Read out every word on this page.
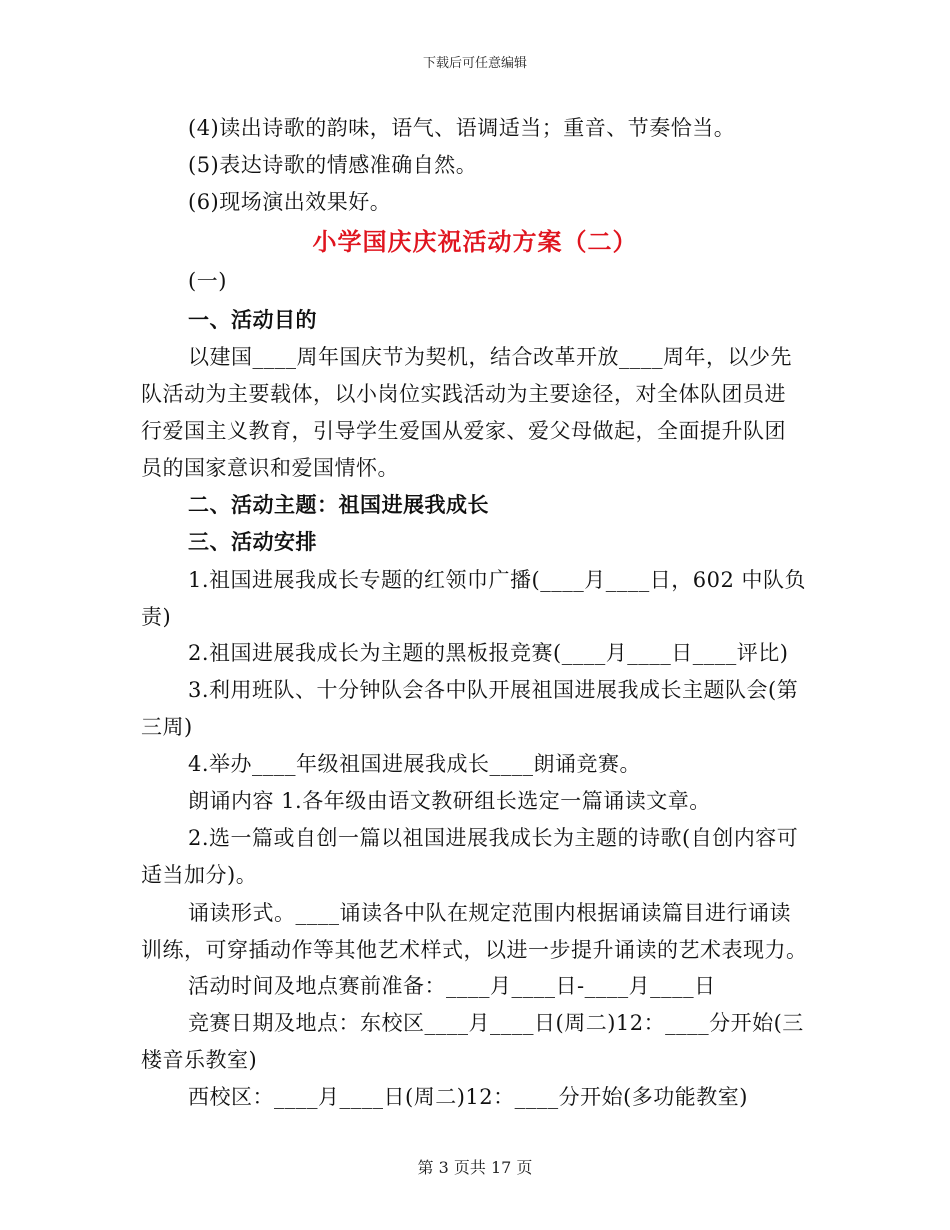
下载后可任意编辑
(4)读出诗歌的韵味，语气、语调适当；重音、节奏恰当。
(5)表达诗歌的情感准确自然。
(6)现场演出效果好。
小学国庆庆祝活动方案（二）
(一)
一、活动目的
以建国____周年国庆节为契机，结合改革开放____周年，以少先
队活动为主要载体，以小岗位实践活动为主要途径，对全体队团员进
行爱国主义教育，引导学生爱国从爱家、爱父母做起，全面提升队团
员的国家意识和爱国情怀。
二、活动主题：祖国进展我成长
三、活动安排
1.祖国进展我成长专题的红领巾广播(____月____日，602 中队负
责)
2.祖国进展我成长为主题的黑板报竞赛(____月____日____评比)
3.利用班队、十分钟队会各中队开展祖国进展我成长主题队会(第
三周)
4.举办____年级祖国进展我成长____朗诵竞赛。
朗诵内容 1.各年级由语文教研组长选定一篇诵读文章。
2.选一篇或自创一篇以祖国进展我成长为主题的诗歌(自创内容可
适当加分)。
诵读形式。____诵读各中队在规定范围内根据诵读篇目进行诵读
训练，可穿插动作等其他艺术样式，以进一步提升诵读的艺术表现力。
活动时间及地点赛前准备：____月____日-____月____日
竞赛日期及地点：东校区____月____日(周二)12：____分开始(三
楼音乐教室)
西校区：____月____日(周二)12：____分开始(多功能教室)
第 3 页共 17 页
